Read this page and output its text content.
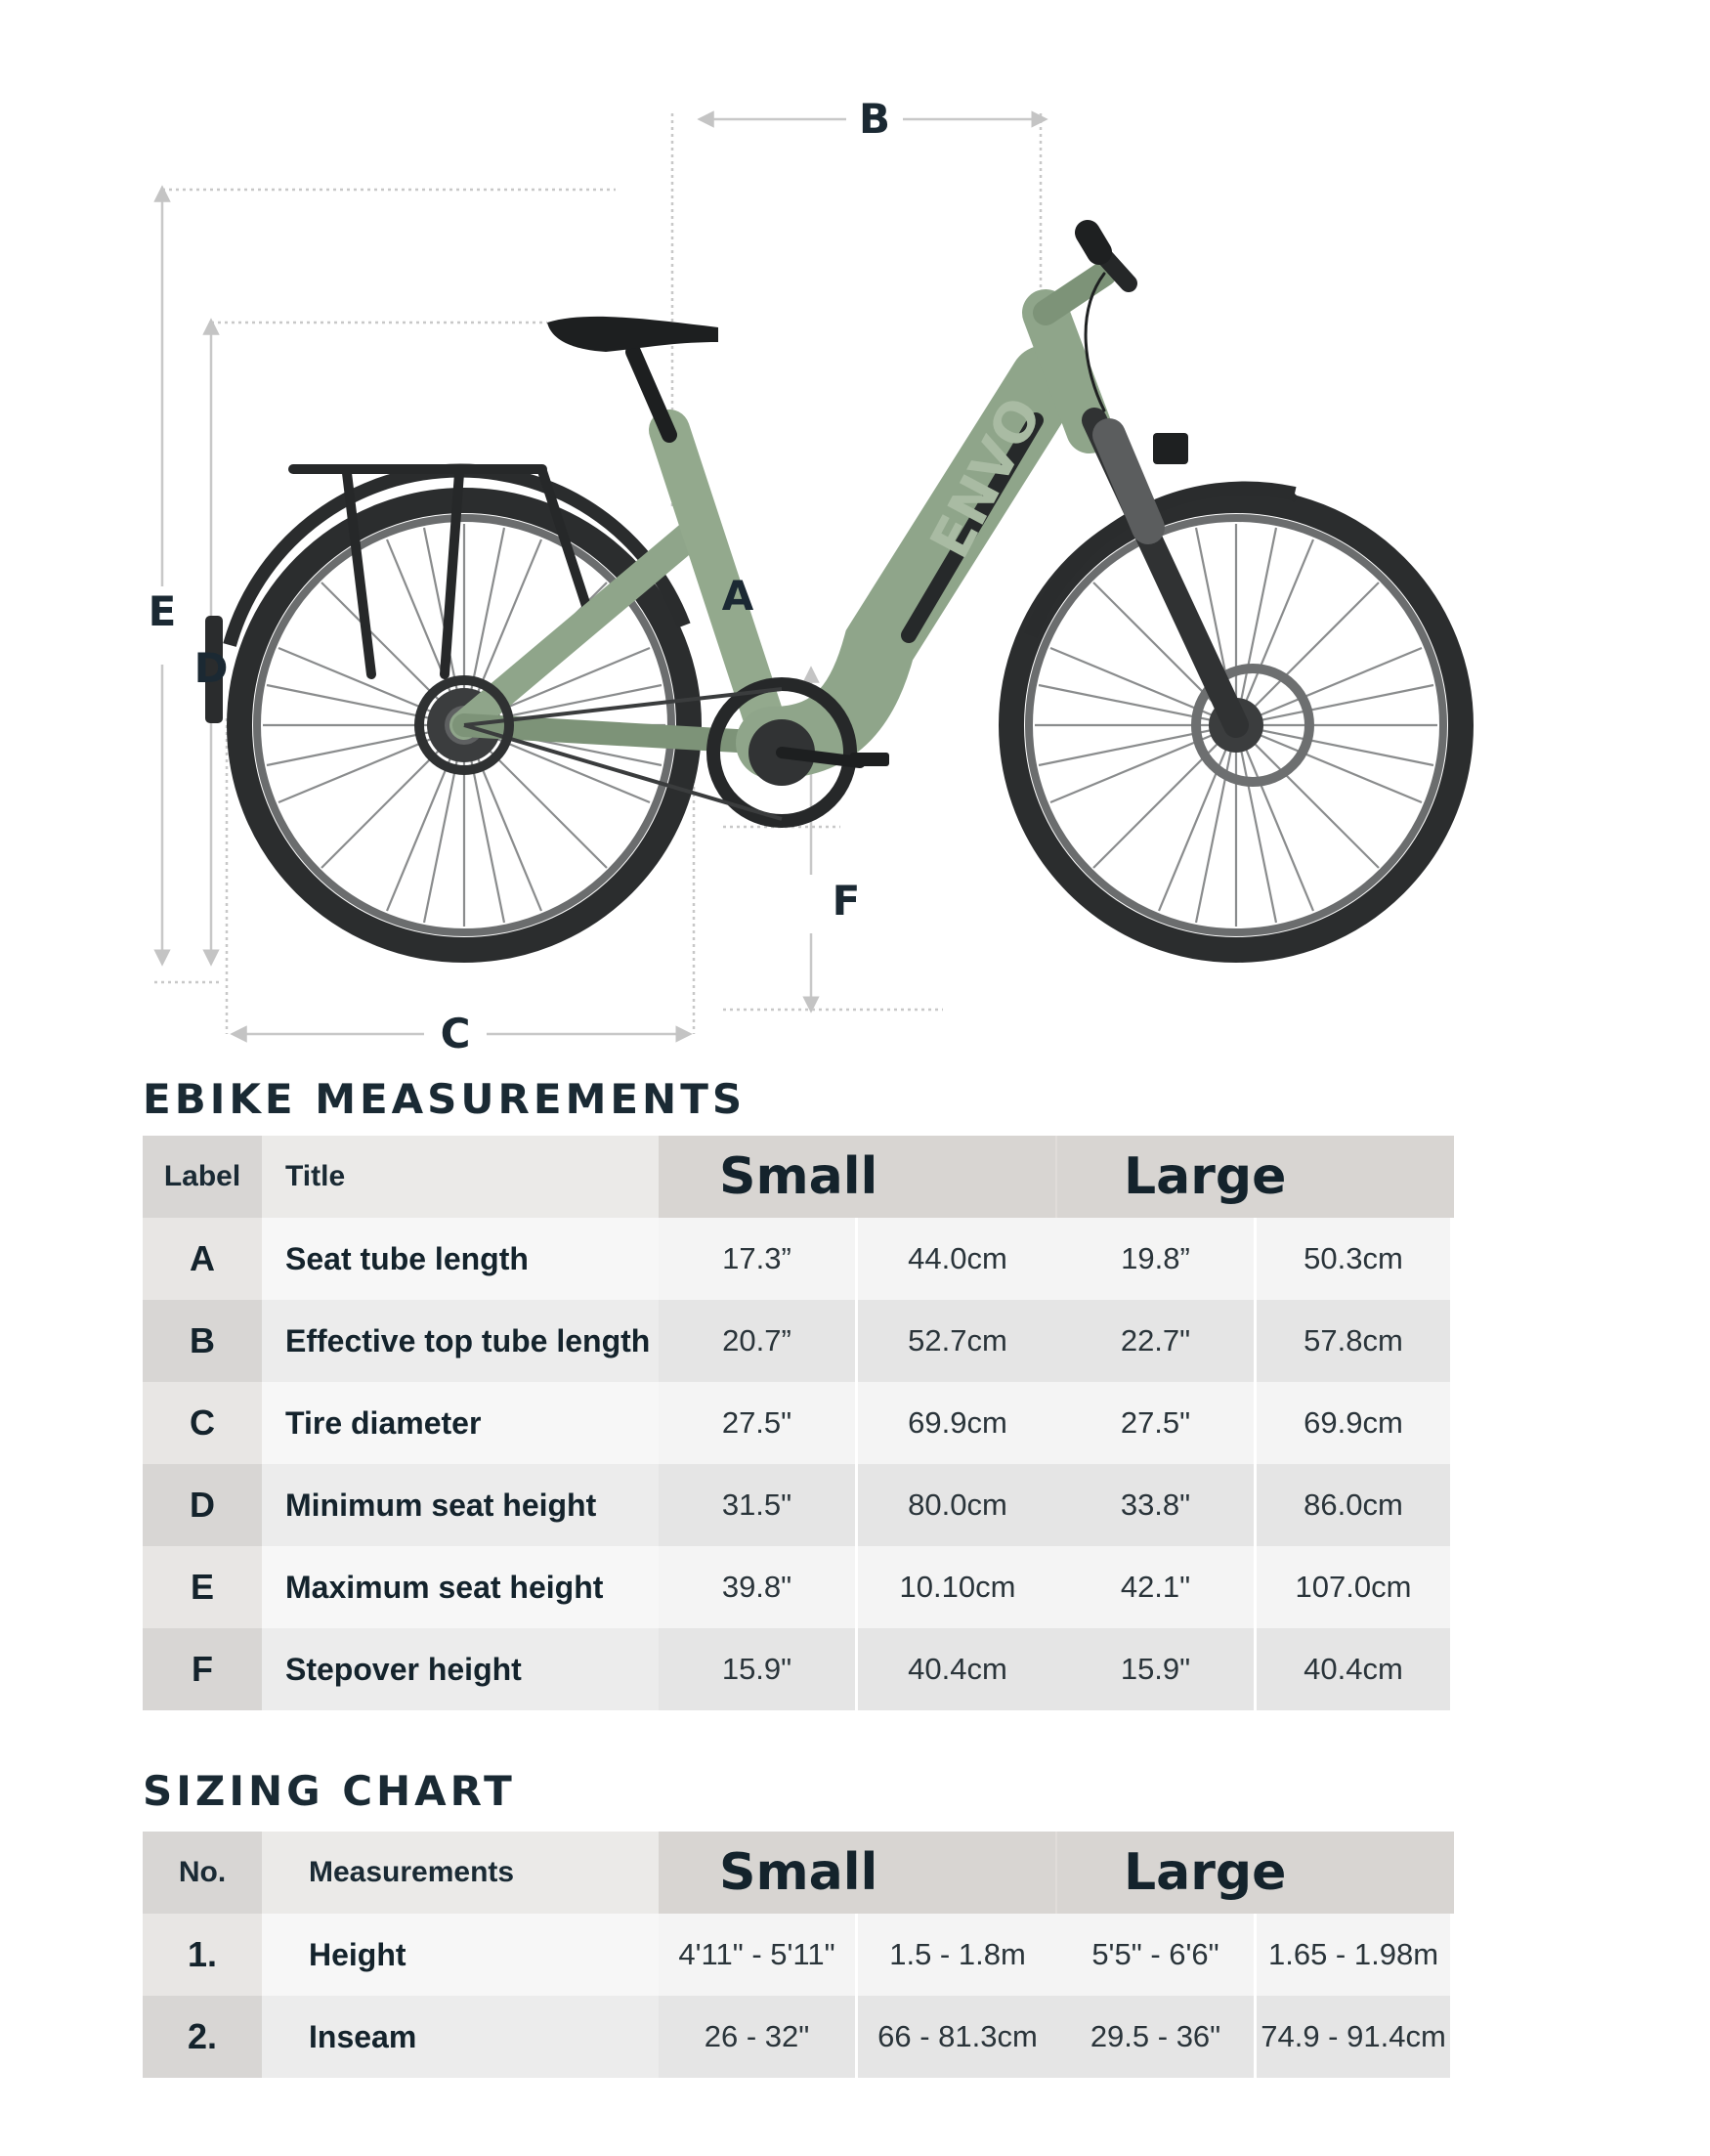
ENVO
B
E
D
A
F
C
EBIKE MEASUREMENTS
Label	Title	Small	Large
A	Seat tube length	17.3”	44.0cm	19.8”	50.3cm
B	Effective top tube length	20.7”	52.7cm	22.7"	57.8cm
C	Tire diameter	27.5"	69.9cm	27.5"	69.9cm
D	Minimum seat height	31.5"	80.0cm	33.8"	86.0cm
E	Maximum seat height	39.8"	10.10cm	42.1"	107.0cm
F	Stepover height	15.9"	40.4cm	15.9"	40.4cm
SIZING CHART
No.	Measurements	Small	Large
1.	Height	4'11" - 5'11"	1.5 - 1.8m	5'5" - 6'6"	1.65 - 1.98m
2.	Inseam	26 - 32"	66 - 81.3cm	29.5 - 36"	74.9 - 91.4cm
